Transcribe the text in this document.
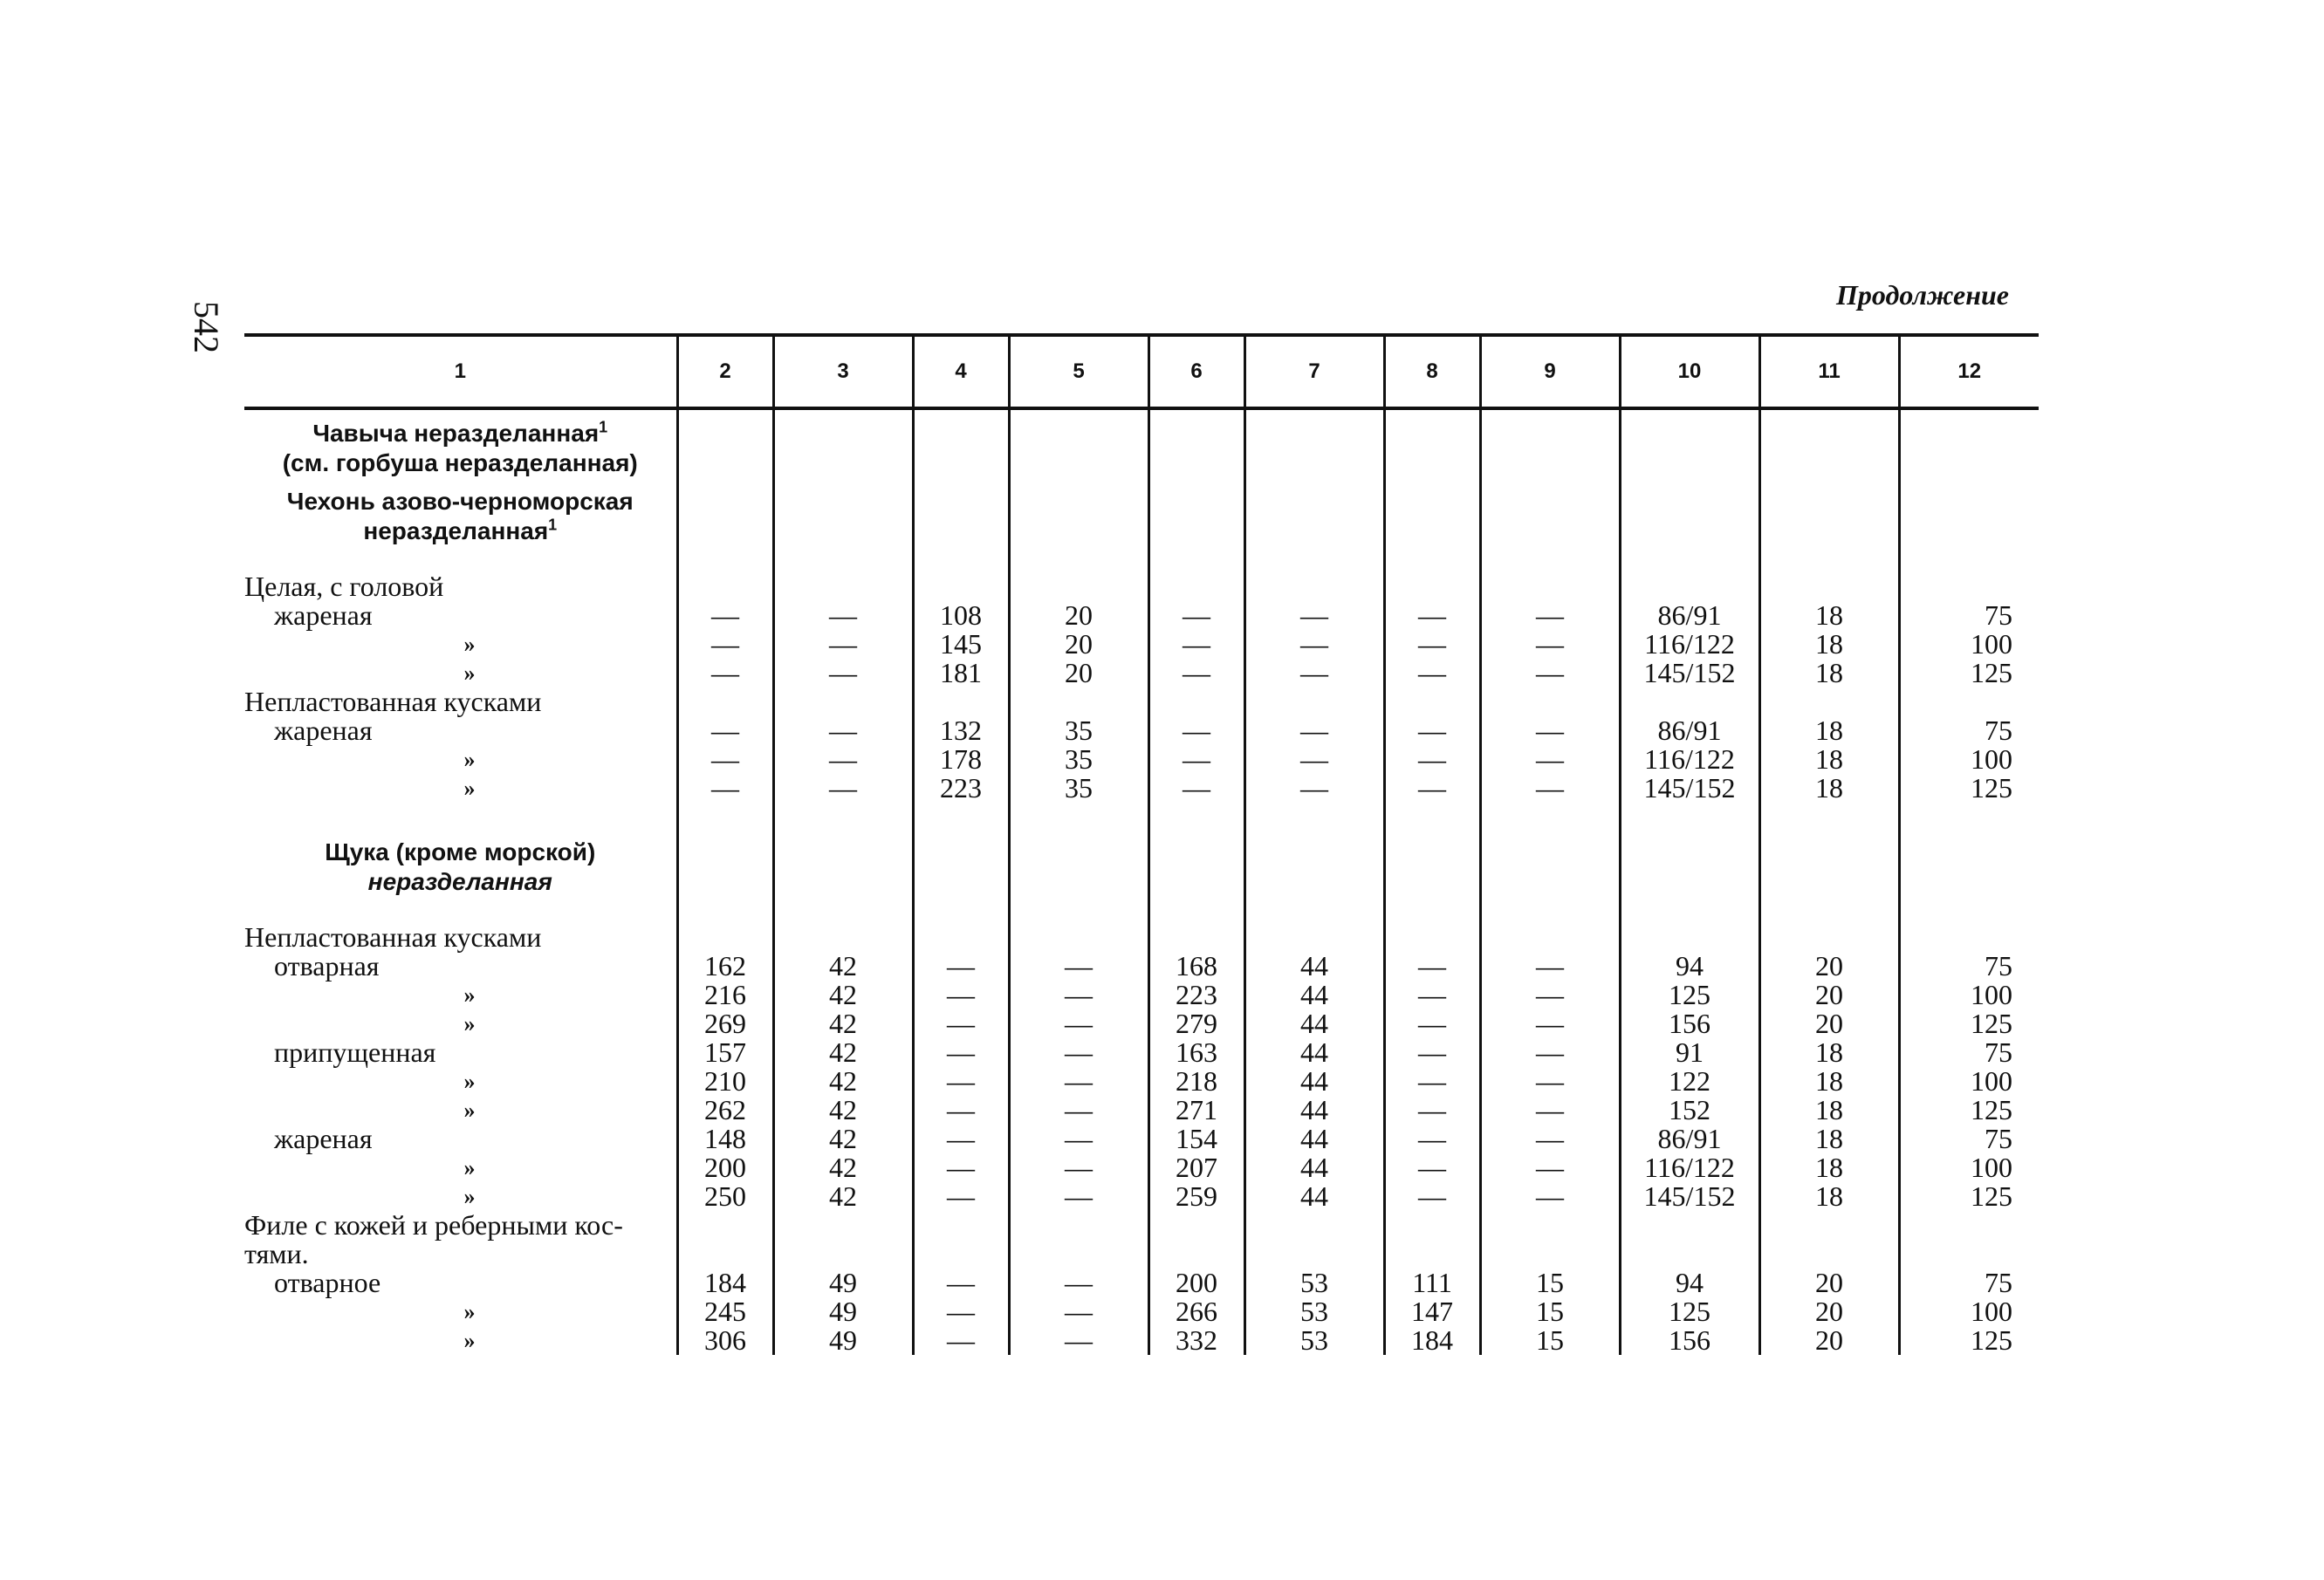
542
Продолжение
1	2	3	4	5	6	7	8	9	10	11	12
Чавыча неразделанная$^1$
(см. горбуша неразделанная)											
Чехонь азово-черноморская
неразделанная$^1$											

Целая, с головой											
жареная	—	—	108	20	—	—	—	—	86/91	18	75
»	—	—	145	20	—	—	—	—	116/122	18	100
»	—	—	181	20	—	—	—	—	145/152	18	125
Непластованная кусками											
жареная	—	—	132	35	—	—	—	—	86/91	18	75
»	—	—	178	35	—	—	—	—	116/122	18	100
»	—	—	223	35	—	—	—	—	145/152	18	125

Щука (кроме морской)
неразделанная											

Непластованная кусками											
отварная	162	42	—	—	168	44	—	—	94	20	75
»	216	42	—	—	223	44	—	—	125	20	100
»	269	42	—	—	279	44	—	—	156	20	125
припущенная	157	42	—	—	163	44	—	—	91	18	75
»	210	42	—	—	218	44	—	—	122	18	100
»	262	42	—	—	271	44	—	—	152	18	125
жареная	148	42	—	—	154	44	—	—	86/91	18	75
»	200	42	—	—	207	44	—	—	116/122	18	100
»	250	42	—	—	259	44	—	—	145/152	18	125
Филе с кожей и реберными кос-											
тями.											
отварное	184	49	—	—	200	53	111	15	94	20	75
»	245	49	—	—	266	53	147	15	125	20	100
»	306	49	—	—	332	53	184	15	156	20	125
